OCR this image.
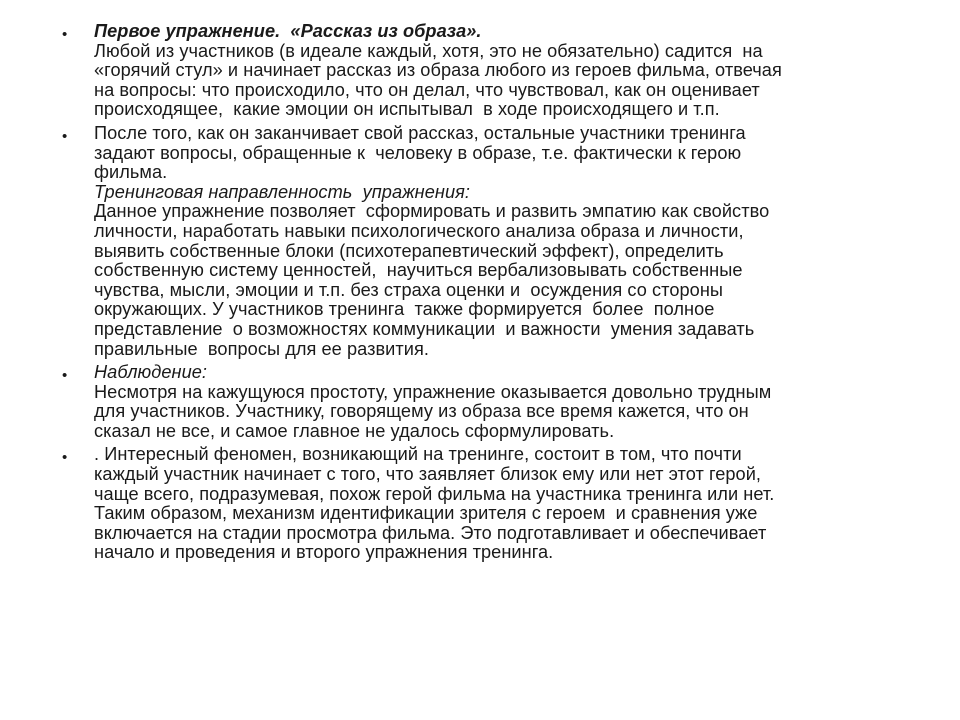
• Первое упражнение.  «Рассказ из образа».
Любой из участников (в идеале каждый, хотя, это не обязательно) садится  на
«горячий стул» и начинает рассказ из образа любого из героев фильма, отвечая
на вопросы: что происходило, что он делал, что чувствовал, как он оценивает
происходящее,  какие эмоции он испытывал  в ходе происходящего и т.п.
• После того, как он заканчивает свой рассказ, остальные участники тренинга
задают вопросы, обращенные к  человеку в образе, т.е. фактически к герою
фильма.
Тренинговая направленность  упражнения:
Данное упражнение позволяет  сформировать и развить эмпатию как свойство
личности, наработать навыки психологического анализа образа и личности,
выявить собственные блоки (психотерапевтический эффект), определить
собственную систему ценностей,  научиться вербализовывать собственные
чувства, мысли, эмоции и т.п. без страха оценки и  осуждения со стороны
окружающих. У участников тренинга  также формируется  более  полное
представление  о возможностях коммуникации  и важности  умения задавать
правильные  вопросы для ее развития.
• Наблюдение:
Несмотря на кажущуюся простоту, упражнение оказывается довольно трудным
для участников. Участнику, говорящему из образа все время кажется, что он
сказал не все, и самое главное не удалось сформулировать.
• . Интересный феномен, возникающий на тренинге, состоит в том, что почти
каждый участник начинает с того, что заявляет близок ему или нет этот герой,
чаще всего, подразумевая, похож герой фильма на участника тренинга или нет.
Таким образом, механизм идентификации зрителя с героем  и сравнения уже
включается на стадии просмотра фильма. Это подготавливает и обеспечивает
начало и проведения и второго упражнения тренинга.
